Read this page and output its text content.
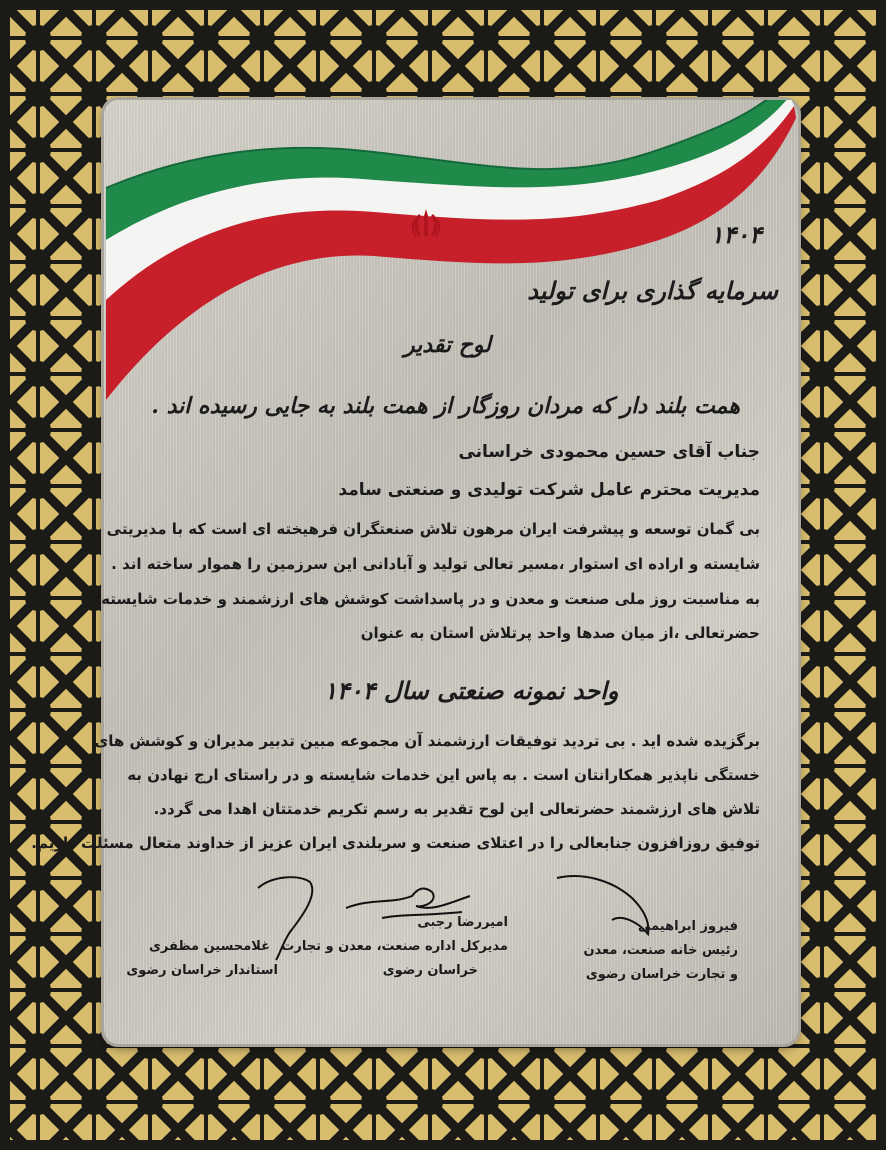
۱۴۰۴
سرمایه گذاری برای تولید
لوح تقدیر
همت بلند دار که مردان روزگار از همت بلند به جایی رسیده اند .
جناب آقای حسین محمودی خراسانی
مدیریت محترم عامل شرکت تولیدی و صنعتی سامد
بی گمان توسعه و پیشرفت ایران مرهون تلاش صنعتگران فرهیخته ای است که با مدیریتی
شایسته و اراده ای استوار ،مسیر تعالی تولید و آبادانی این سرزمین را هموار ساخته اند .
به مناسبت روز ملی صنعت و معدن و در پاسداشت کوشش های ارزشمند و خدمات شایسته
حضرتعالی ،از میان صدها واحد پرتلاش استان به عنوان
واحد نمونه صنعتی سال ۱۴۰۴
برگزیده شده اید . بی تردید توفیقات ارزشمند آن مجموعه مبین تدبیر مدیران و کوشش های
خستگی ناپذیر همکارانتان است . به پاس این خدمات شایسته و در راستای ارج نهادن به
تلاش های ارزشمند حضرتعالی این لوح تقدیر به رسم تکریم خدمتتان اهدا می گردد.
توفیق روزافزون جنابعالی را در اعتلای صنعت و سربلندی ایران عزیز از خداوند متعال مسئلت داریم.
فیروز ابراهیمی
رئیس خانه صنعت، معدن
و تجارت خراسان رضوی
امیررضا رجبی
مدیرکل اداره صنعت، معدن و تجارت
خراسان رضوی
غلامحسین مظفری
استاندار خراسان رضوی
